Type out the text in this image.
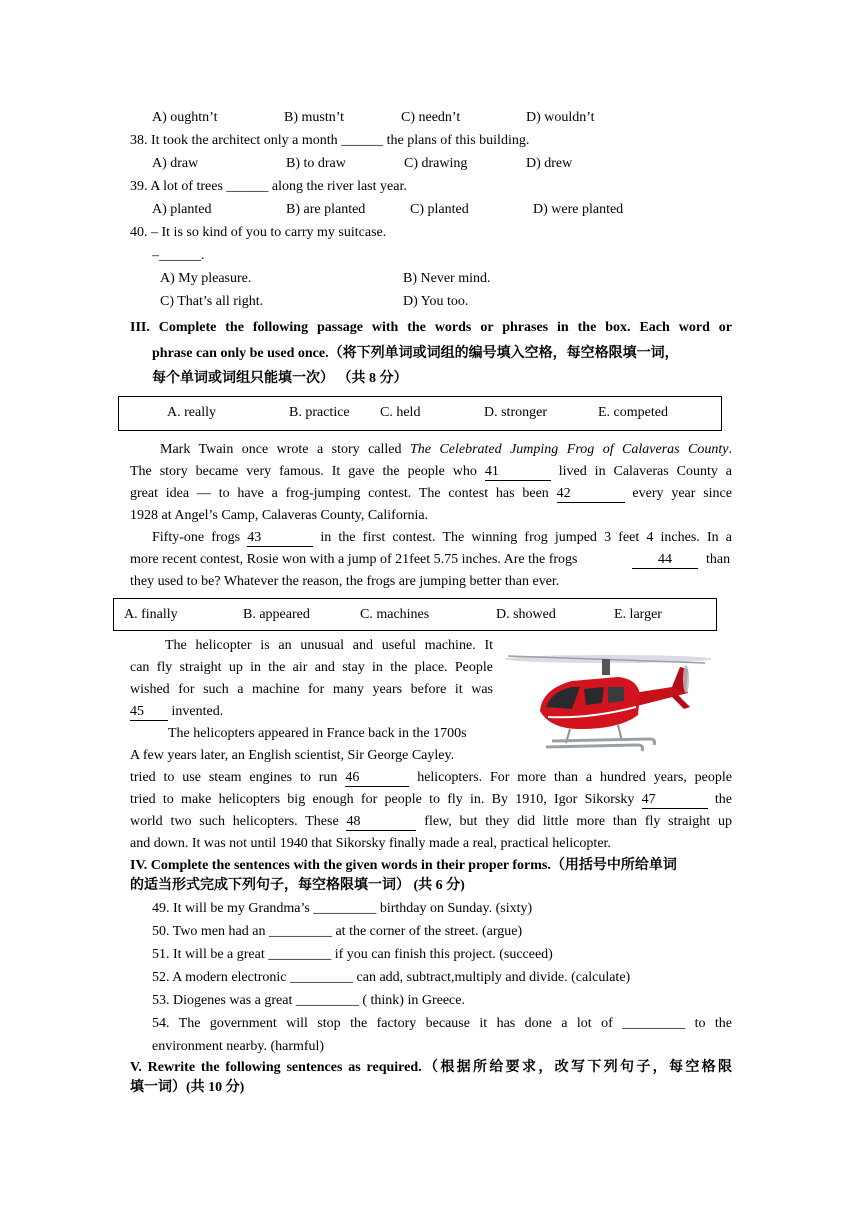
A) oughtn’t	B) mustn’t	C) needn’t	D) wouldn’t
38. It took the architect only a month ______ the plans of this building.
A) draw	B) to draw	C) drawing	D) drew
39. A lot of trees ______ along the river last year.
A) planted	B) are planted	C) planted	D) were planted
40. – It is so kind of you to carry my suitcase.
–______.
A) My pleasure.	B) Never mind.
C) That’s all right.	D) You too.
III. Complete the following passage with the words or phrases in the box. Each word or
phrase can only be used once.（将下列单词或词组的编号填入空格，每空格限填一词，
每个单词或词组只能填一次） （共 8 分）
A. really	B. practice C. held	D. stronger	E. competed
Mark Twain once wrote a story called The Celebrated Jumping Frog of Calaveras County.
The story became very famous. It gave the people who 41	lived in Calaveras County a
great idea — to have a frog-jumping contest. The contest has been 42	every year since
1928 at Angel’s Camp, Calaveras County, California.
Fifty-one frogs 43	in the first contest. The winning frog jumped 3 feet 4 inches. In a
more recent contest, Rosie won with a jump of 21feet 5.75 inches. Are the frogs	44	than
they used to be? Whatever the reason, the frogs are jumping better than ever.
A. finally	B. appeared	C. machines	D. showed	E. larger
The helicopter is an unusual and useful machine. It
can fly straight up in the air and stay in the place. People
wished for such a machine for many years before it was
45 invented.
The helicopters appeared in France back in the 1700s
A few years later, an English scientist, Sir George Cayley.
tried to use steam engines to run 46	helicopters. For more than a hundred years, people
tried to make helicopters big enough for people to fly in. By 1910, Igor Sikorsky 47	the
world two such helicopters. These 48	flew, but they did little more than fly straight up
and down. It was not until 1940 that Sikorsky finally made a real, practical helicopter.
IV. Complete the sentences with the given words in their proper forms.（用括号中所给单词
的适当形式完成下列句子，每空格限填一词） (共 6 分)
49. It will be my Grandma’s _________ birthday on Sunday. (sixty)
50. Two men had an _________ at the corner of the street. (argue)
51. It will be a great _________ if you can finish this project. (succeed)
52. A modern electronic _________ can add, subtract,multiply and divide. (calculate)
53. Diogenes was a great _________ ( think) in Greece.
54. The government will stop the factory because it has done a lot of _________ to the
environment nearby. (harmful)
V. Rewrite the following sentences as required.（根据所给要求，改写下列句子，每空格限
填一词）(共 10 分)
